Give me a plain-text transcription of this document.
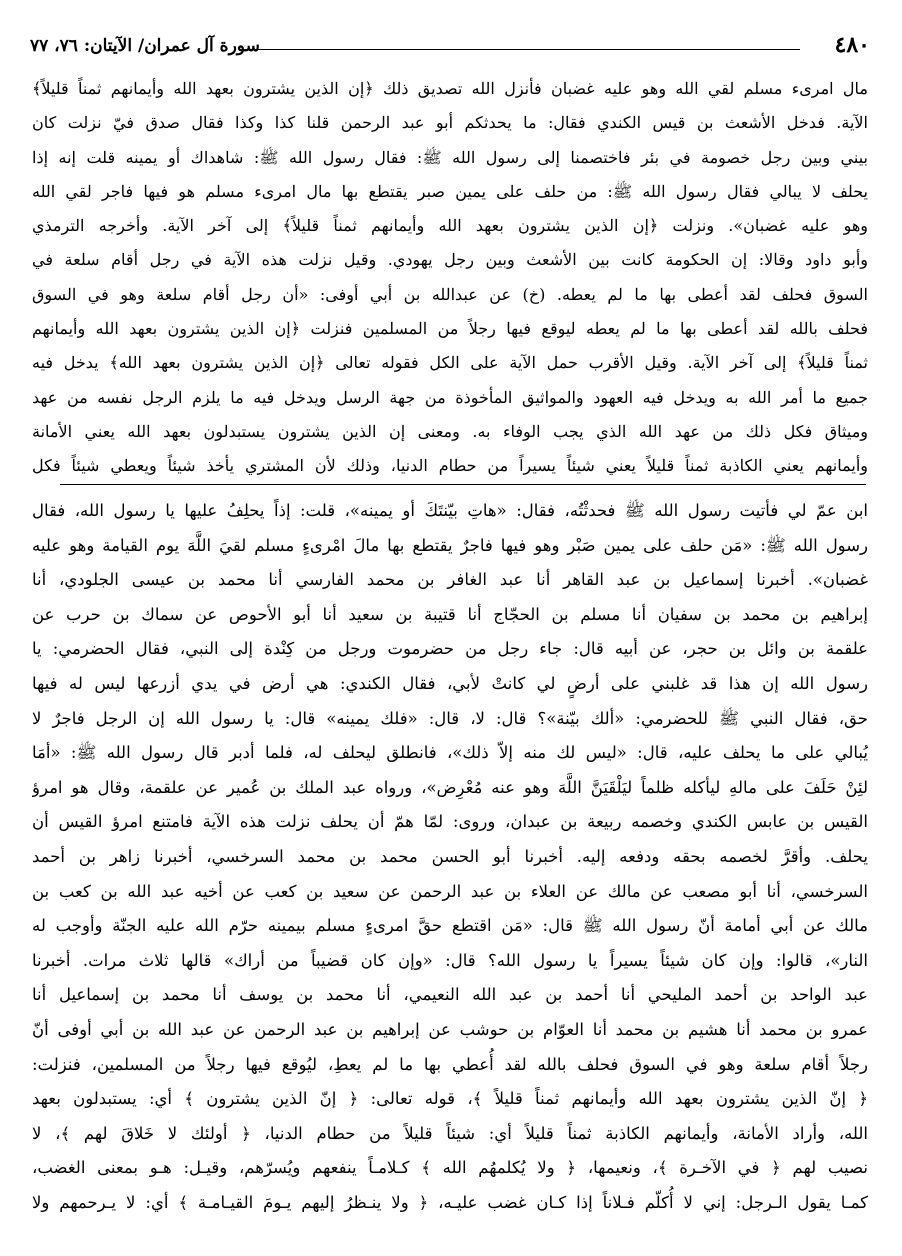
٤٨٠
سورة آل عمران/ الآيتان: ٧٦، ٧٧

مال امرىء مسلم لقي الله وهو عليه غضبان فأنزل الله تصديق ذلك ﴿إن الذين يشترون بعهد الله وأيمانهم ثمناً قليلاً﴾

الآية. فدخل الأشعث بن قيس الكندي فقال: ما يحدثكم أبو عبد الرحمن قلنا كذا وكذا فقال صدق فيّ نزلت كان

بيني وبين رجل خصومة في بئر فاختصمنا إلى رسول الله ﷺ: فقال رسول الله ﷺ: شاهداك أو يمينه قلت إنه إذا

يحلف لا يبالي فقال رسول الله ﷺ: من حلف على يمين صبر يقتطع بها مال امرىء مسلم هو فيها فاجر لقي الله

وهو عليه غضبان». ونزلت ﴿إن الذين يشترون بعهد الله وأيمانهم ثمناً قليلاً﴾ إلى آخر الآية. وأخرجه الترمذي

وأبو داود وقالا: إن الحكومة كانت بين الأشعث وبين رجل يهودي. وقيل نزلت هذه الآية في رجل أقام سلعة في

السوق فحلف لقد أعطى بها ما لم يعطه. (خ) عن عبدالله بن أبي أوفى: «أن رجل أقام سلعة وهو في السوق

فحلف بالله لقد أعطى بها ما لم يعطه ليوقع فيها رجلاً من المسلمين فنزلت ﴿إن الذين يشترون بعهد الله وأيمانهم

ثمناً قليلاً﴾ إلى آخر الآية. وقيل الأقرب حمل الآية على الكل فقوله تعالى ﴿إن الذين يشترون بعهد الله﴾ يدخل فيه

جميع ما أمر الله به ويدخل فيه العهود والمواثيق المأخوذة من جهة الرسل ويدخل فيه ما يلزم الرجل نفسه من عهد

وميثاق فكل ذلك من عهد الله الذي يجب الوفاء به. ومعنى إن الذين يشترون يستبدلون بعهد الله يعني الأمانة

وأيمانهم يعني الكاذبة ثمناً قليلاً يعني شيئاً يسيراً من حطام الدنيا، وذلك لأن المشتري يأخذ شيئاً ويعطي شيئاً فكل

ابن عمّ لي فأتيت رسول الله ﷺ فحدثْتُه، فقال: «هاتِ بيّنتَكَ أو يمينه»، قلت: إذاً يحلِفُ عليها يا رسول الله، فقال

رسول الله ﷺ: «مَن حلف على يمين صَبْر وهو فيها فاجرٌ يقتطع بها مالَ امْرىءٍ مسلم لقيَ اللَّهَ يوم القيامة وهو عليه

غضبان». أخبرنا إسماعيل بن عبد القاهر أنا عبد الغافر بن محمد الفارسي أنا محمد بن عيسى الجلودي، أنا

إبراهيم بن محمد بن سفيان أنا مسلم بن الحجّاج أنا قتيبة بن سعيد أنا أبو الأحوص عن سماك بن حرب عن

علقمة بن وائل بن حجر، عن أبيه قال: جاء رجل من حضرموت ورجل من كِنْدة إلى النبي، فقال الحضرمي: يا

رسول الله إن هذا قد غلبني على أرضٍ لي كانتْ لأبي، فقال الكندي: هي أرض في يدي أزرعها ليس له فيها

حق، فقال النبي ﷺ للحضرمي: «ألك بيّنة»؟ قال: لا، قال: «فلك يمينه» قال: يا رسول الله إن الرجل فاجرٌ لا

يُبالي على ما يحلف عليه، قال: «ليس لك منه إلاّ ذلك»، فانطلق ليحلف له، فلما أدبر قال رسول الله ﷺ: «أمَا

لئِنْ حَلَفَ على مالهِ ليأكله ظلماً ليَلْقَيَنَّ اللَّهَ وهو عنه مُعْرِض»، ورواه عبد الملك بن عُمير عن علقمة، وقال هو امرؤ

القيس بن عابس الكندي وخصمه ربيعة بن عبدان، وروى: لمّا همّ أن يحلف نزلت هذه الآية فامتنع امرؤ القيس أن

يحلف. وأقرَّ لخصمه بحقه ودفعه إليه. أخبرنا أبو الحسن محمد بن محمد السرخسي، أخبرنا زاهر بن أحمد

السرخسي، أنا أبو مصعب عن مالك عن العلاء بن عبد الرحمن عن سعيد بن كعب عن أخيه عبد الله بن كعب بن

مالك عن أبي أمامة أنّ رسول الله ﷺ قال: «مَن اقتطع حقَّ امرىءٍ مسلم بيمينه حرّم الله عليه الجنّة وأوجب له

النار»، قالوا: وإن كان شيئاً يسيراً يا رسول الله؟ قال: «وإن كان قضيباً من أراك» قالها ثلاث مرات. أخبرنا

عبد الواحد بن أحمد المليحي أنا أحمد بن عبد الله النعيمي، أنا محمد بن يوسف أنا محمد بن إسماعيل أنا

عمرو بن محمد أنا هشيم بن محمد أنا العوّام بن حوشب عن إبراهيم بن عبد الرحمن عن عبد الله بن أبي أوفى أنّ

رجلاً أقام سلعة وهو في السوق فحلف بالله لقد أُعطي بها ما لم يعطِ، ليُوقع فيها رجلاً من المسلمين، فنزلت:

﴿ إنّ الذين يشترون بعهد الله وأيمانهم ثمناً قليلاً ﴾، قوله تعالى: ﴿ إنّ الذين يشترون ﴾ أي: يستبدلون بعهد

الله، وأراد الأمانة، وأيمانهم الكاذبة ثمناً قليلاً أي: شيئاً قليلاً من حطام الدنيا، ﴿ أولئك لا خَلاقَ لهم ﴾، لا

نصيب لهم ﴿ في الآخـرة ﴾، ونعيمها، ﴿ ولا يُكلمهُم الله ﴾ كـلامـاً ينفعهم ويُسرّهم، وقيـل: هـو بمعنى الغضب،

كمـا يقول الـرجل: إني لا أُكلّم فـلاناً إذا كـان غضب عليـه، ﴿ ولا ينـظرُ إليهم يـومَ القيـامـة ﴾ أي: لا يـرحمهم ولا
